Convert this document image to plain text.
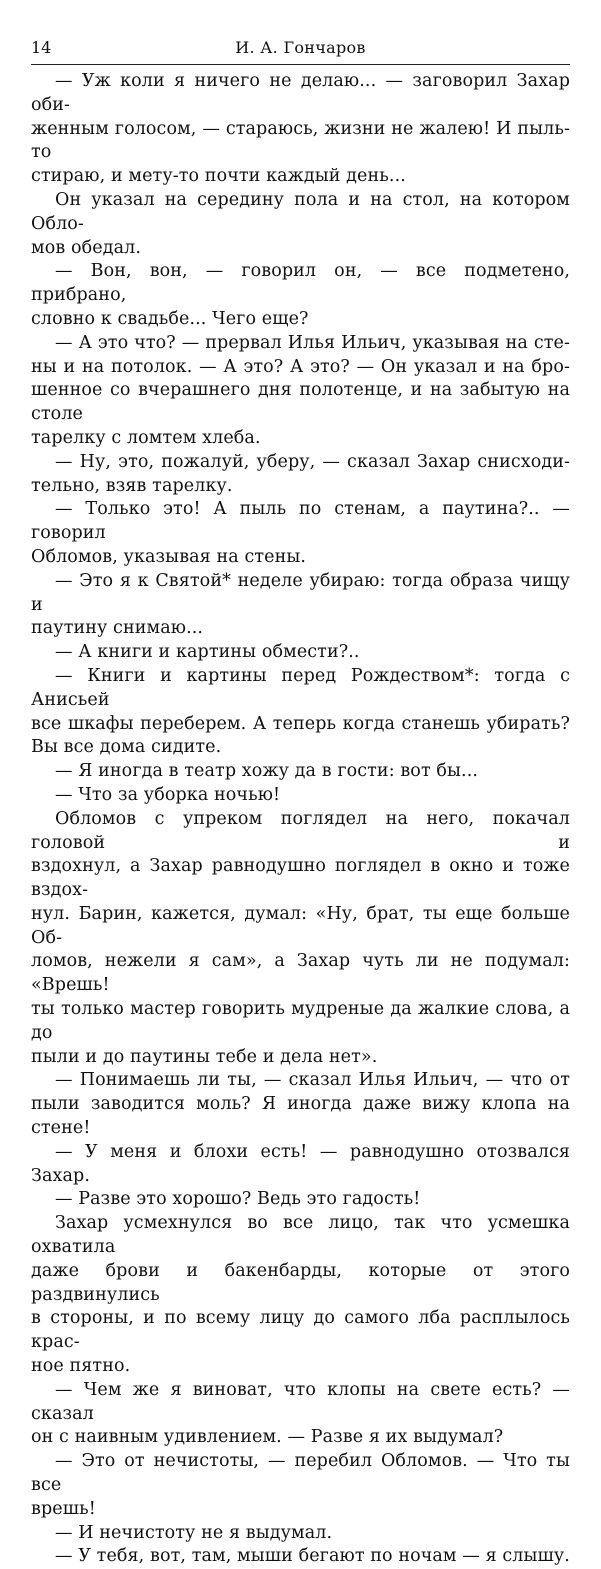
14	И. А. Гончаров

— Уж коли я ничего не делаю... — заговорил Захар оби-

женным голосом, — стараюсь, жизни не жалею! И пыль-то

стираю, и мету-то почти каждый день...

Он указал на середину пола и на стол, на котором Обло-

мов обедал.

— Вон, вон, — говорил он, — все подметено, прибрано,

словно к свадьбе... Чего еще?

— А это что? — прервал Илья Ильич, указывая на сте-

ны и на потолок. — А это? А это? — Он указал и на бро-

шенное со вчерашнего дня полотенце, и на забытую на столе

тарелку с ломтем хлеба.

— Ну, это, пожалуй, уберу, — сказал Захар снисходи-

тельно, взяв тарелку.

— Только это! А пыль по стенам, а паутина?.. — говорил

Обломов, указывая на стены.

— Это я к Святой* неделе убираю: тогда образа чищу и

паутину снимаю...

— А книги и картины обмести?..

— Книги и картины перед Рождеством*: тогда с Анисьей

все шкафы переберем. А теперь когда станешь убирать?

Вы все дома сидите.

— Я иногда в театр хожу да в гости: вот бы...

— Что за уборка ночью!

Обломов с упреком поглядел на него, покачал головой и

вздохнул, а Захар равнодушно поглядел в окно и тоже вздох-

нул. Барин, кажется, думал: «Ну, брат, ты еще больше Об-

ломов, нежели я сам», а Захар чуть ли не подумал: «Врешь!

ты только мастер говорить мудреные да жалкие слова, а до

пыли и до паутины тебе и дела нет».

— Понимаешь ли ты, — сказал Илья Ильич, — что от

пыли заводится моль? Я иногда даже вижу клопа на стене!

— У меня и блохи есть! — равнодушно отозвался Захар.

— Разве это хорошо? Ведь это гадость!

Захар усмехнулся во все лицо, так что усмешка охватила

даже брови и бакенбарды, которые от этого раздвинулись

в стороны, и по всему лицу до самого лба расплылось крас-

ное пятно.

— Чем же я виноват, что клопы на свете есть? — сказал

он с наивным удивлением. — Разве я их выдумал?

— Это от нечистоты, — перебил Обломов. — Что ты все

врешь!

— И нечистоту не я выдумал.

— У тебя, вот, там, мыши бегают по ночам — я слышу.
